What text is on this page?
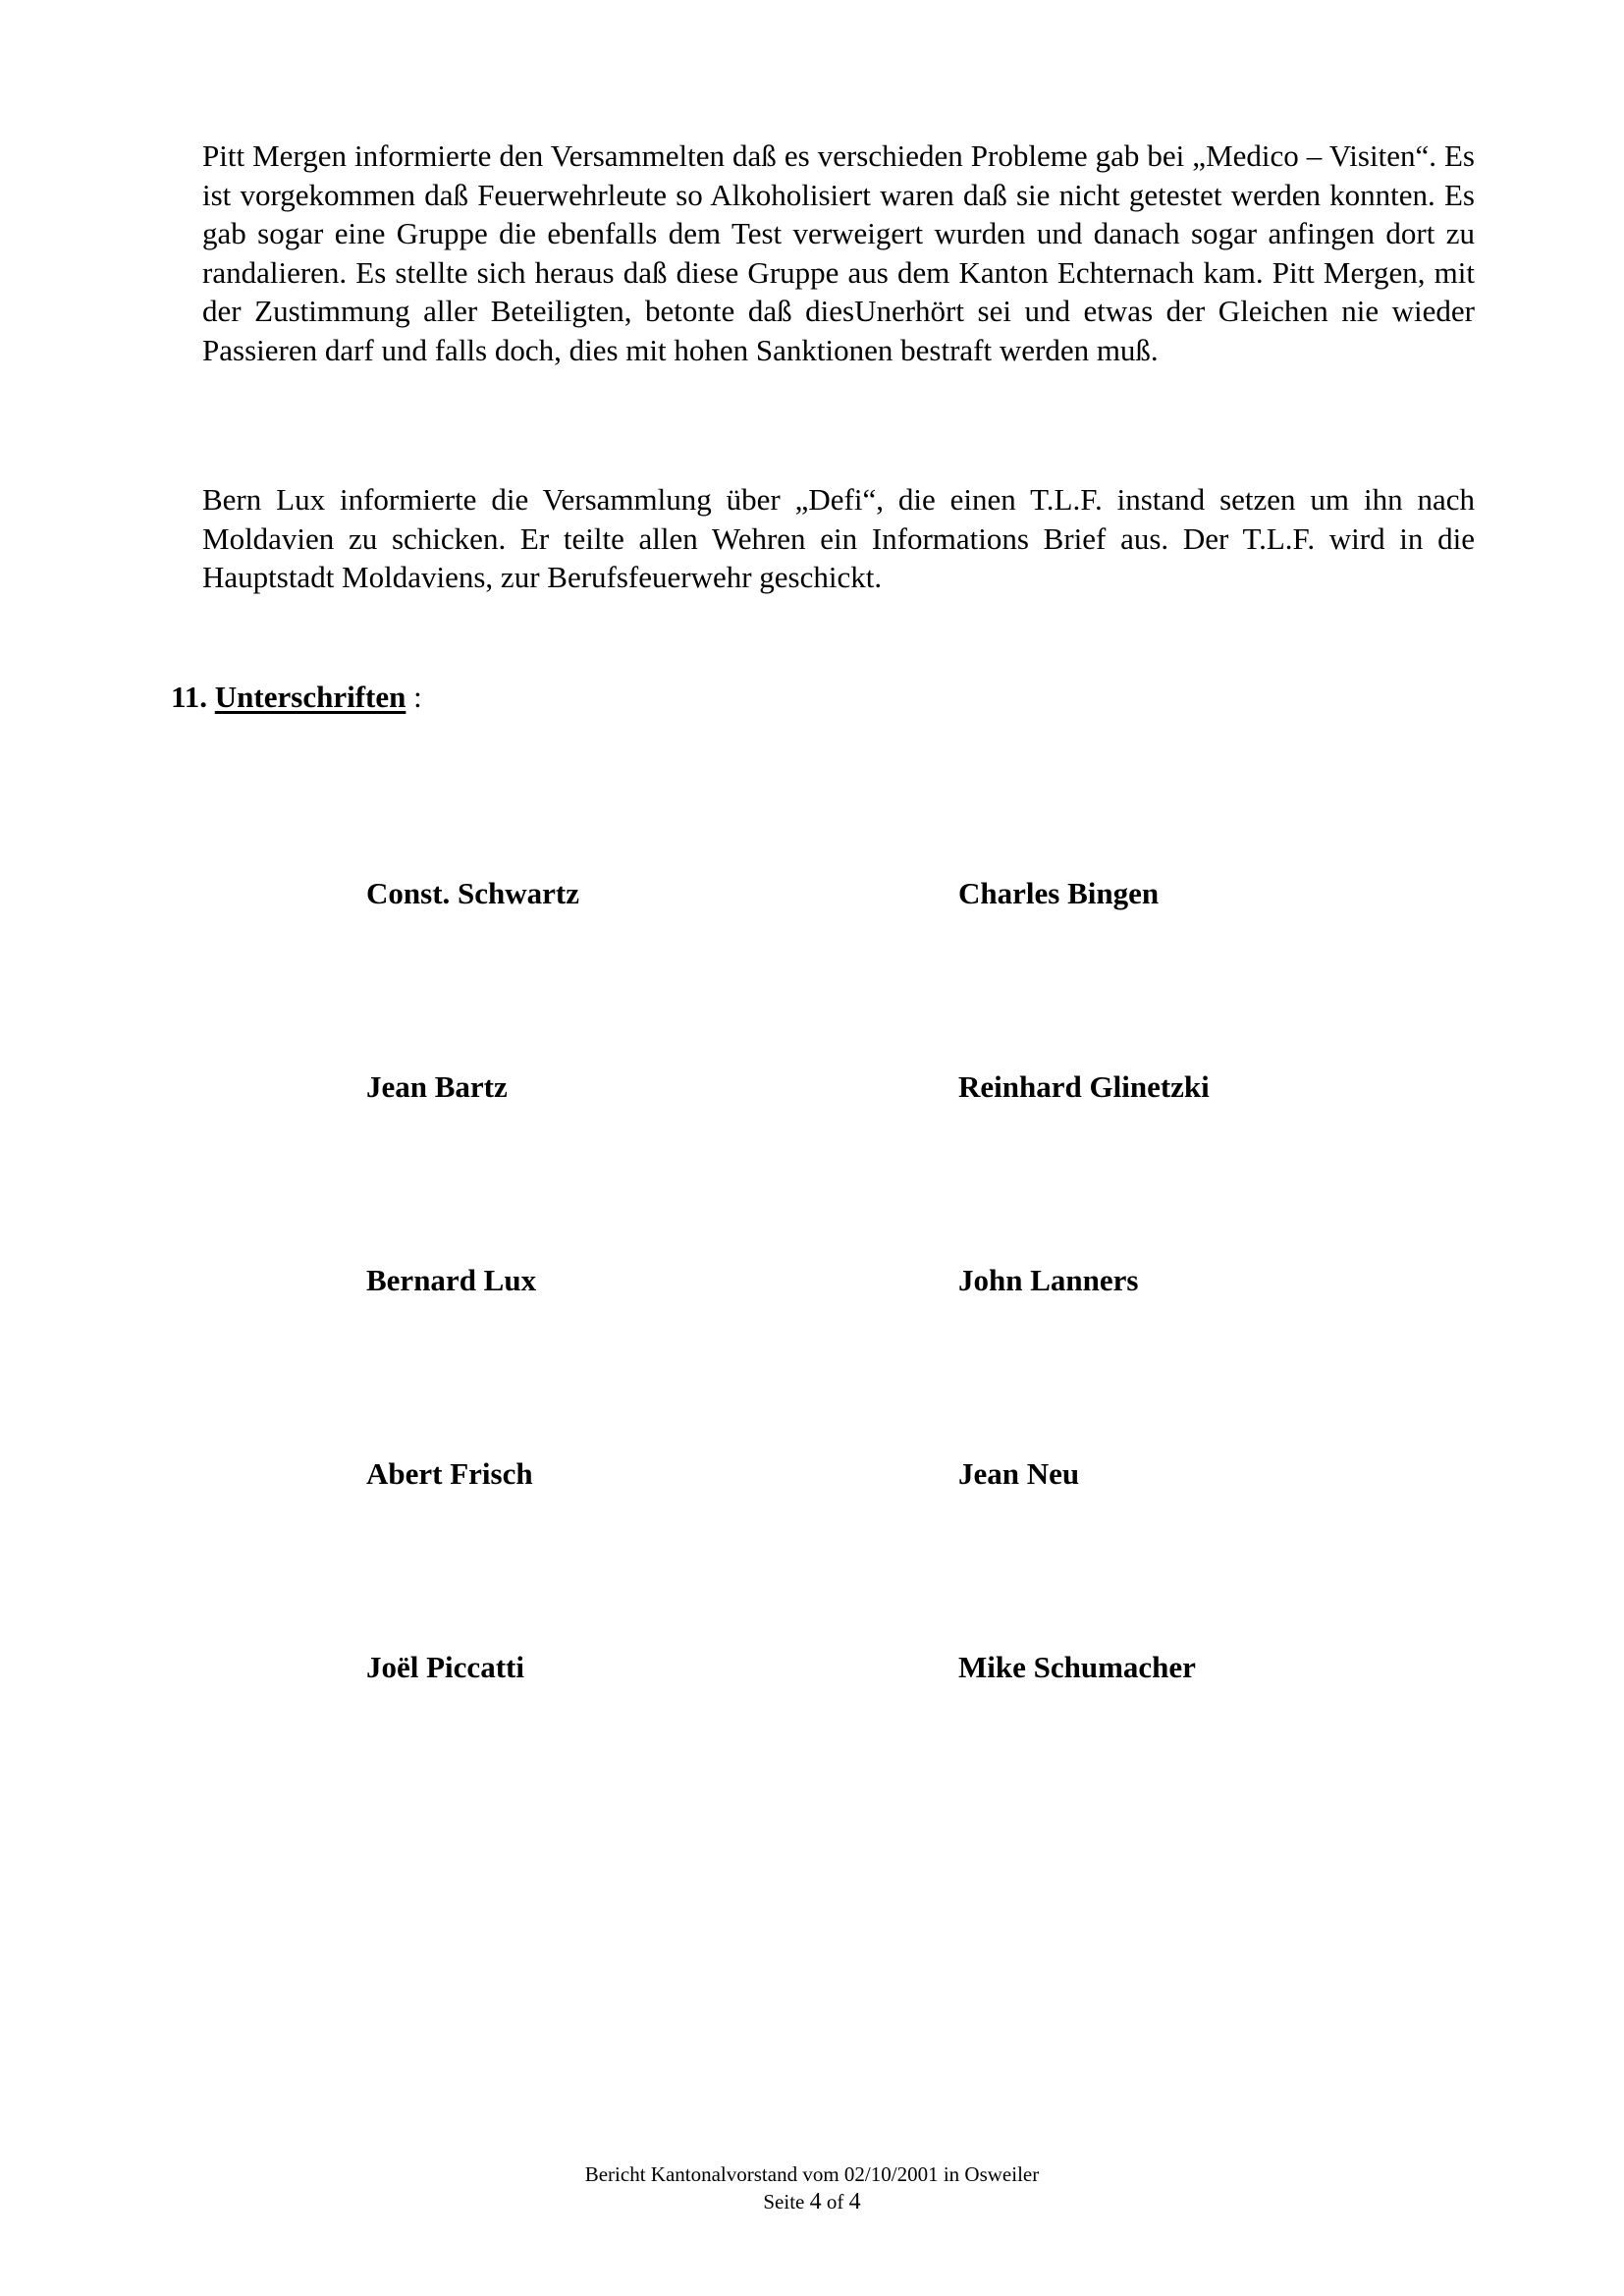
Pitt Mergen informierte den Versammelten daß es verschieden Probleme gab bei „Medico – Visiten“. Es ist vorgekommen daß Feuerwehrleute so Alkoholisiert waren daß sie nicht getestet werden konnten. Es gab sogar eine Gruppe die ebenfalls dem Test verweigert wurden und danach sogar anfingen dort zu randalieren. Es stellte sich heraus daß diese Gruppe aus dem Kanton Echternach kam. Pitt Mergen, mit der Zustimmung aller Beteiligten, betonte daß diesUnerhört sei und etwas der Gleichen nie wieder Passieren darf und falls doch, dies mit hohen Sanktionen bestraft werden muß.

Bern Lux informierte die Versammlung über „Defi“, die einen T.L.F. instand setzen um ihn nach Moldavien zu schicken. Er teilte allen Wehren ein Informations Brief aus. Der T.L.F. wird in die Hauptstadt Moldaviens, zur Berufsfeuerwehr geschickt.

11. Unterschriften :
Const. Schwartz	Charles Bingen
Jean Bartz	Reinhard Glinetzki
Bernard Lux	John Lanners
Abert Frisch	Jean Neu
Joël Piccatti	Mike Schumacher
Bericht Kantonalvorstand vom 02/10/2001 in Osweiler
Seite 4 of 4
